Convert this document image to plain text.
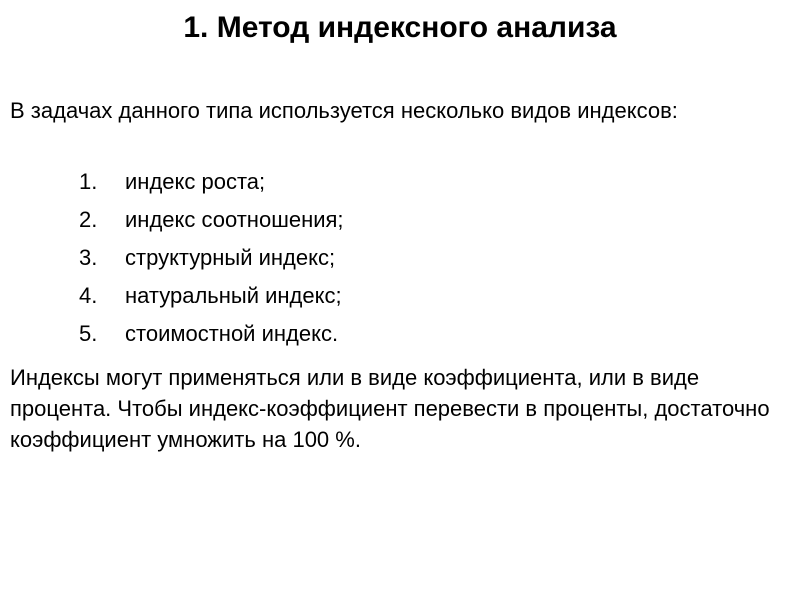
1. Метод индексного анализа
В задачах данного типа используется несколько видов индексов:
1. индекс роста;
2. индекс соотношения;
3. структурный индекс;
4. натуральный индекс;
5. стоимостной индекс.
Индексы могут применяться или в виде коэффициента, или в виде процента. Чтобы индекс-коэффициент перевести в проценты, достаточно коэффициент умножить на 100 %.
